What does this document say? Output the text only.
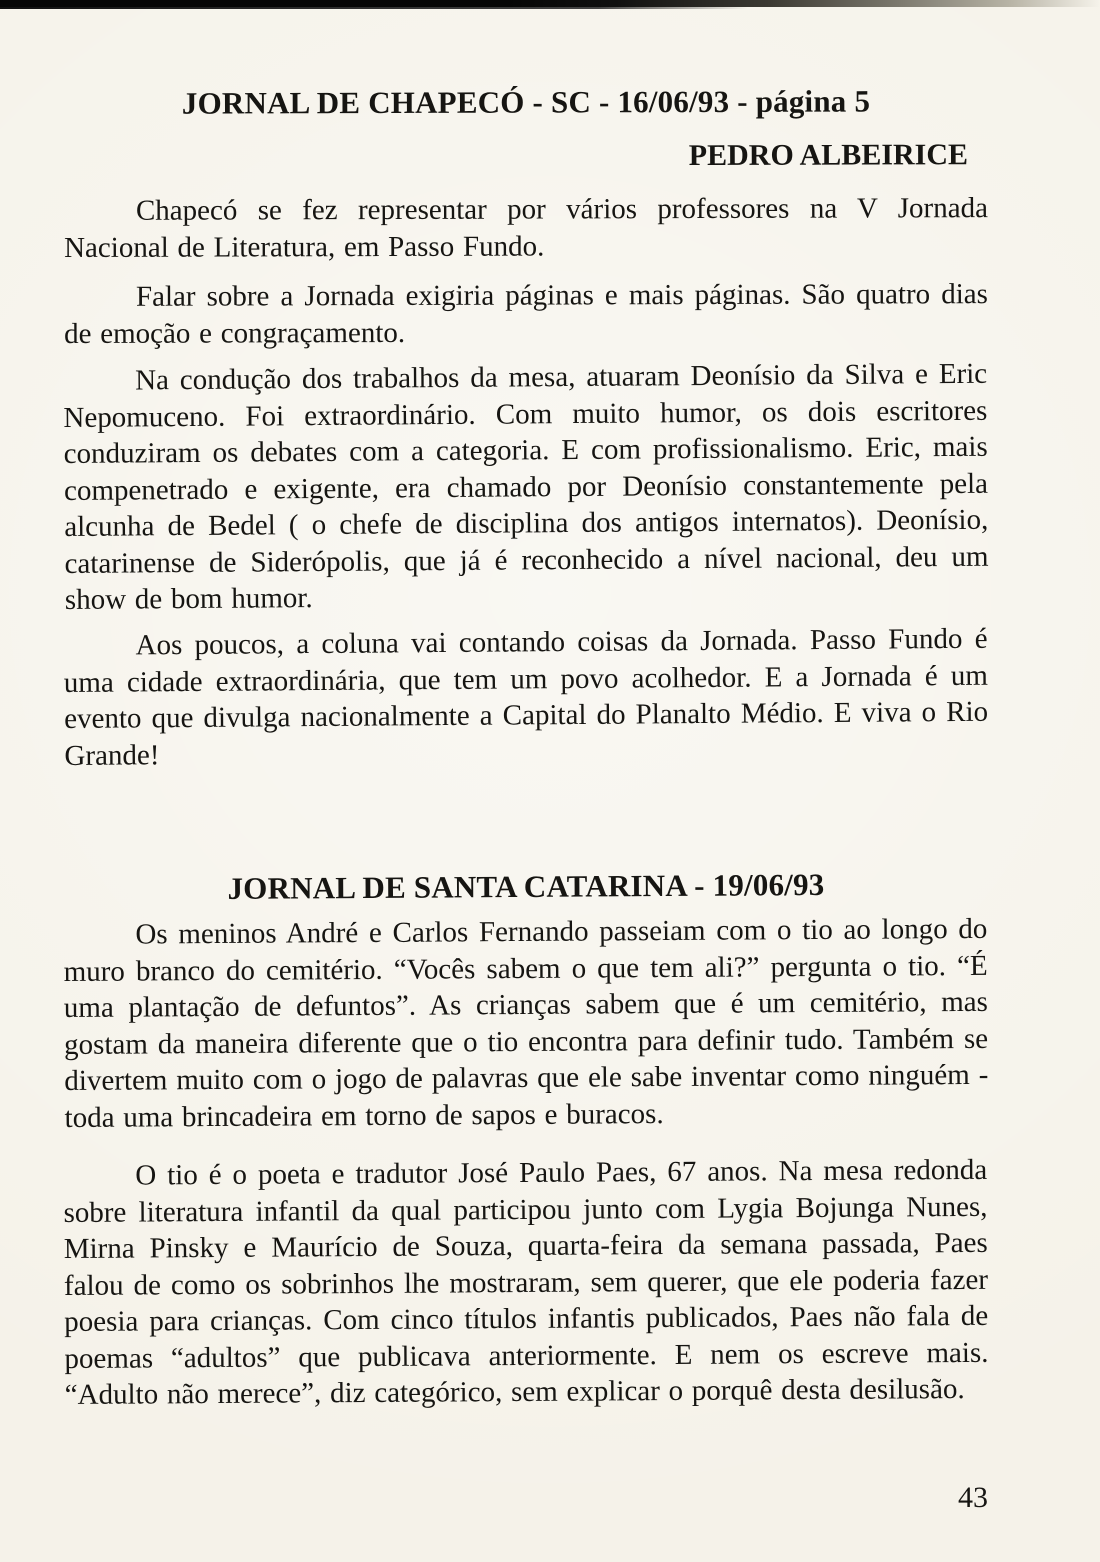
JORNAL DE CHAPECÓ - SC - 16/06/93 - página 5

PEDRO ALBEIRICE

Chapecó se fez representar por vários professores na V Jornada Nacional de Literatura, em Passo Fundo.

Falar sobre a Jornada exigiria páginas e mais páginas. São quatro dias de emoção e congraçamento.

Na condução dos trabalhos da mesa, atuaram Deonísio da Silva e Eric Nepomuceno. Foi extraordinário. Com muito humor, os dois escritores conduziram os debates com a categoria. E com profissionalismo. Eric, mais compenetrado e exigente, era chamado por Deonísio constantemente pela alcunha de Bedel ( o chefe de disciplina dos antigos internatos). Deonísio, catarinense de Siderópolis, que já é reconhecido a nível nacional, deu um show de bom humor.

Aos poucos, a coluna vai contando coisas da Jornada. Passo Fundo é uma cidade extraordinária, que tem um povo acolhedor. E a Jornada é um evento que divulga nacionalmente a Capital do Planalto Médio. E viva o Rio Grande!

JORNAL DE SANTA CATARINA - 19/06/93

Os meninos André e Carlos Fernando passeiam com o tio ao longo do muro branco do cemitério. “Vocês sabem o que tem ali?” pergunta o tio. “É uma plantação de defuntos”. As crianças sabem que é um cemitério, mas gostam da maneira diferente que o tio encontra para definir tudo. Também se divertem muito com o jogo de palavras que ele sabe inventar como ninguém - toda uma brincadeira em torno de sapos e buracos.

O tio é o poeta e tradutor José Paulo Paes, 67 anos. Na mesa redonda sobre literatura infantil da qual participou junto com Lygia Bojunga Nunes, Mirna Pinsky e Maurício de Souza, quarta-feira da semana passada, Paes falou de como os sobrinhos lhe mostraram, sem querer, que ele poderia fazer poesia para crianças. Com cinco títulos infantis publicados, Paes não fala de poemas “adultos” que publicava anteriormente. E nem os escreve mais. “Adulto não merece”, diz categórico, sem explicar o porquê desta desilusão.

43
